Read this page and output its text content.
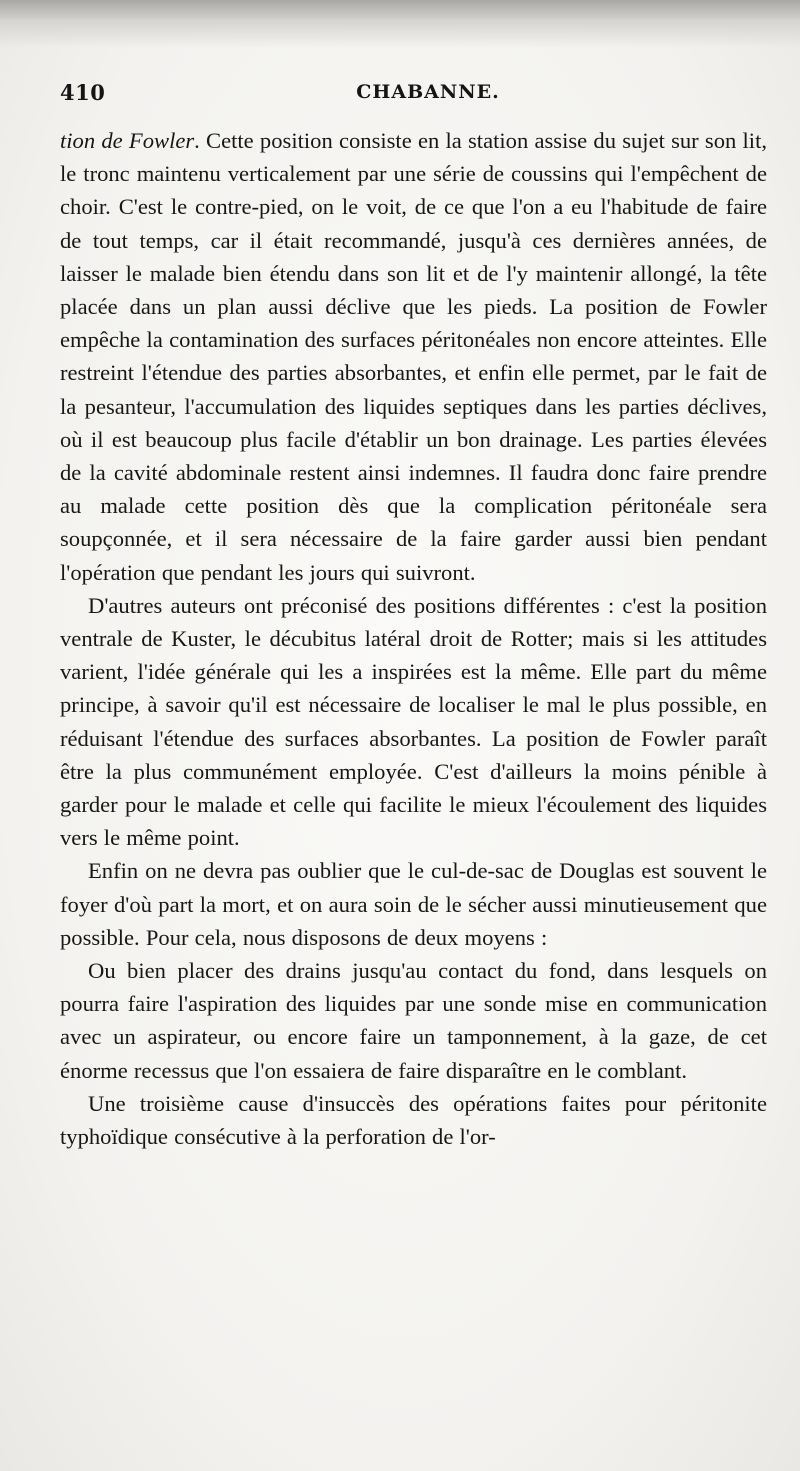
410	CHABANNE.

tion de Fowler. Cette position consiste en la station assise du sujet sur son lit, le tronc maintenu verticalement par une série de coussins qui l'empêchent de choir. C'est le contre-pied, on le voit, de ce que l'on a eu l'habitude de faire de tout temps, car il était recommandé, jusqu'à ces dernières années, de laisser le malade bien étendu dans son lit et de l'y maintenir allongé, la tête placée dans un plan aussi déclive que les pieds. La position de Fowler empêche la contamination des surfaces péritonéales non encore atteintes. Elle restreint l'étendue des parties absorbantes, et enfin elle permet, par le fait de la pesanteur, l'accumulation des liquides septiques dans les parties déclives, où il est beaucoup plus facile d'établir un bon drainage. Les parties élevées de la cavité abdominale restent ainsi indemnes. Il faudra donc faire prendre au malade cette position dès que la complication péritonéale sera soupçonnée, et il sera nécessaire de la faire garder aussi bien pendant l'opération que pendant les jours qui suivront.

D'autres auteurs ont préconisé des positions différentes : c'est la position ventrale de Kuster, le décubitus latéral droit de Rotter; mais si les attitudes varient, l'idée générale qui les a inspirées est la même. Elle part du même principe, à savoir qu'il est nécessaire de localiser le mal le plus possible, en réduisant l'étendue des surfaces absorbantes. La position de Fowler paraît être la plus communément employée. C'est d'ailleurs la moins pénible à garder pour le malade et celle qui facilite le mieux l'écoulement des liquides vers le même point.

Enfin on ne devra pas oublier que le cul-de-sac de Douglas est souvent le foyer d'où part la mort, et on aura soin de le sécher aussi minutieusement que possible. Pour cela, nous disposons de deux moyens :

Ou bien placer des drains jusqu'au contact du fond, dans lesquels on pourra faire l'aspiration des liquides par une sonde mise en communication avec un aspirateur, ou encore faire un tamponnement, à la gaze, de cet énorme recessus que l'on essaiera de faire disparaître en le comblant.

Une troisième cause d'insuccès des opérations faites pour péritonite typhoïdique consécutive à la perforation de l'or-
